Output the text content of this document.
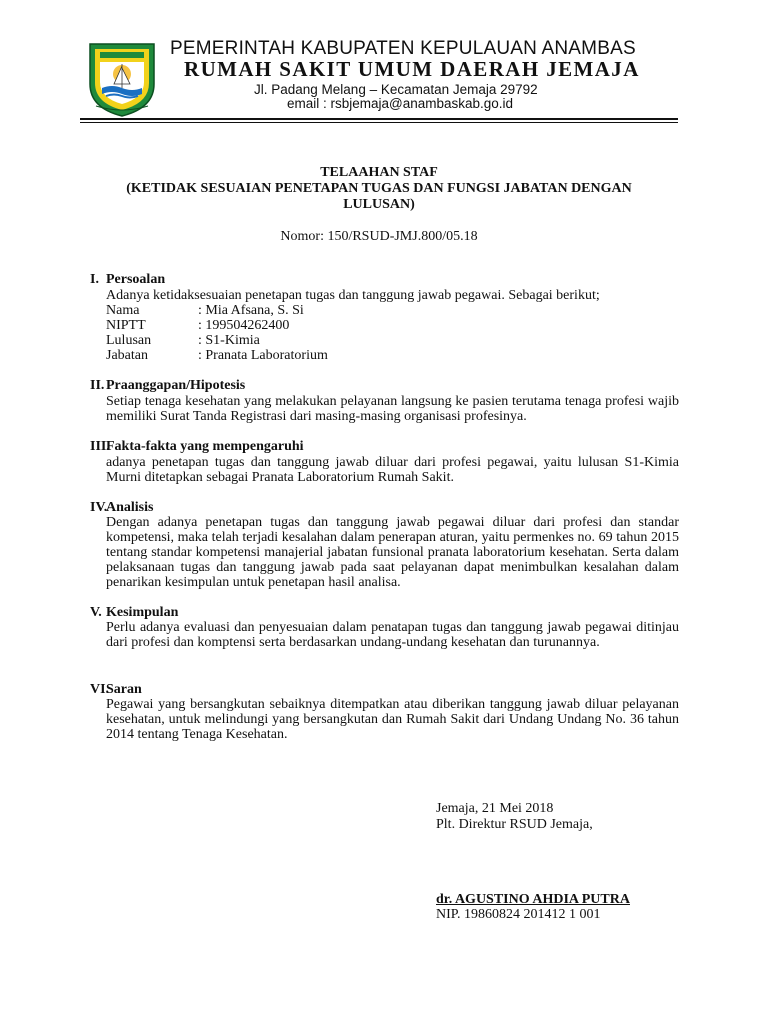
PEMERINTAH KABUPATEN KEPULAUAN ANAMBAS
RUMAH SAKIT UMUM DAERAH JEMAJA
Jl. Padang Melang – Kecamatan Jemaja 29792
email : rsbjemaja@anambaskab.go.id
TELAAHAN STAF
(KETIDAK SESUAIAN PENETAPAN TUGAS DAN FUNGSI JABATAN DENGAN
LULUSAN)
Nomor: 150/RSUD-JMJ.800/05.18
I. Persoalan
Adanya ketidaksesuaian penetapan tugas dan tanggung jawab pegawai. Sebagai berikut;
Nama	: Mia Afsana, S. Si
NIPTT	: 199504262400
Lulusan	: S1-Kimia
Jabatan	: Pranata Laboratorium
II. Praanggapan/Hipotesis
Setiap tenaga kesehatan yang melakukan pelayanan langsung ke pasien terutama tenaga profesi wajib memiliki Surat Tanda Registrasi dari masing-masing organisasi profesinya.
III.Fakta-fakta yang mempengaruhi
adanya penetapan tugas dan tanggung jawab diluar dari profesi pegawai, yaitu lulusan S1-Kimia Murni ditetapkan sebagai Pranata Laboratorium Rumah Sakit.
IV.Analisis
Dengan adanya penetapan tugas dan tanggung jawab pegawai diluar dari profesi dan standar kompetensi, maka telah terjadi kesalahan dalam penerapan aturan, yaitu permenkes no. 69 tahun 2015 tentang standar kompetensi manajerial jabatan funsional pranata laboratorium kesehatan. Serta dalam pelaksanaan tugas dan tanggung jawab pada saat pelayanan dapat menimbulkan kesalahan dalam penarikan kesimpulan untuk penetapan hasil analisa.
V. Kesimpulan
Perlu adanya evaluasi dan penyesuaian dalam penatapan tugas dan tanggung jawab pegawai ditinjau dari profesi dan komptensi serta berdasarkan undang-undang kesehatan dan turunannya.
VI.Saran
Pegawai yang bersangkutan sebaiknya ditempatkan atau diberikan tanggung jawab diluar pelayanan kesehatan, untuk melindungi yang bersangkutan dan Rumah Sakit dari Undang Undang No. 36 tahun 2014 tentang Tenaga Kesehatan.
Jemaja, 21 Mei 2018
Plt. Direktur RSUD Jemaja,
dr. AGUSTINO AHDIA PUTRA
NIP. 19860824 201412 1 001
